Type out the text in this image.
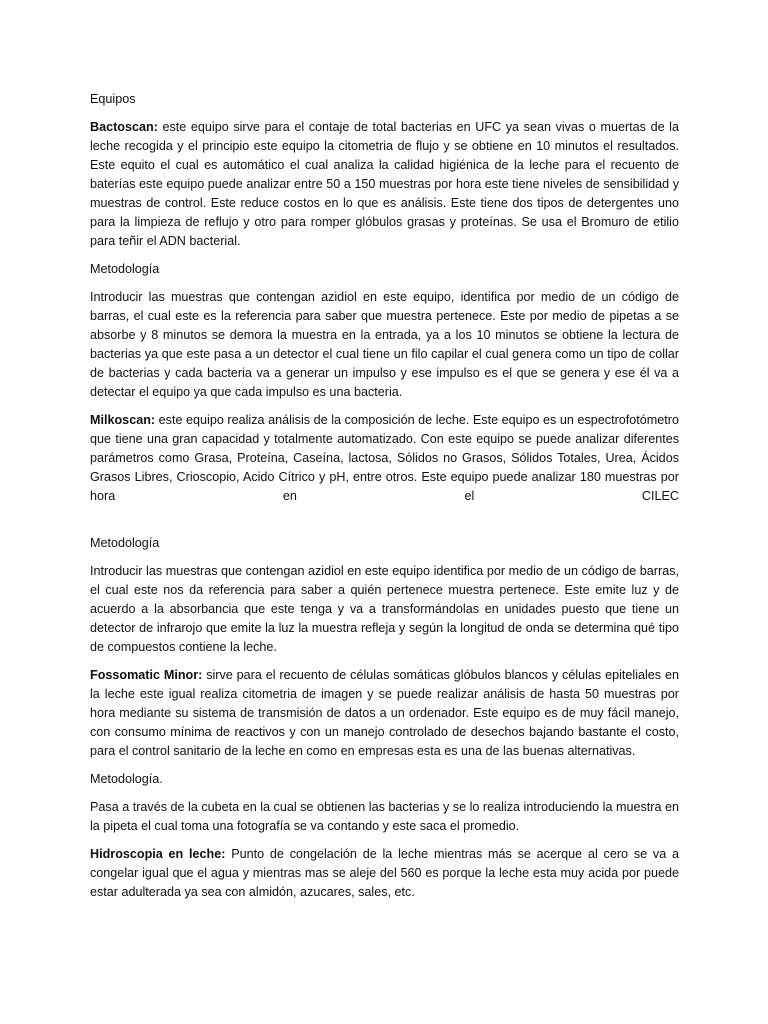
Equipos
Bactoscan: este equipo sirve para el contaje de total bacterias en UFC ya sean vivas o muertas de la leche recogida y el principio este equipo la citometria de flujo y se obtiene en 10 minutos el resultados. Este equito el cual es automático el cual analiza la calidad higiénica de la leche para el recuento de baterías este equipo puede analizar entre 50 a 150 muestras por hora este tiene niveles de sensibilidad y muestras de control. Este reduce costos en lo que es análisis. Este tiene dos tipos de detergentes uno para la limpieza de reflujo y otro para romper glóbulos grasas y proteínas. Se usa el Bromuro de etilio para teñir el ADN bacterial.
Metodología
Introducir las muestras que contengan azidiol en este equipo, identifica por medio de un código de barras, el cual este es la referencia para saber que muestra pertenece. Este por medio de pipetas a se absorbe y 8 minutos se demora la muestra en la entrada, ya a los 10 minutos se obtiene la lectura de bacterias ya que este pasa a un detector el cual tiene un filo capilar el cual genera como un tipo de collar de bacterias y cada bacteria va a generar un impulso y ese impulso es el que se genera y ese él va a detectar el equipo ya que cada impulso es una bacteria.
Milkoscan: este equipo realiza análisis de la composición de leche. Este equipo es un espectrofotómetro que tiene una gran capacidad y totalmente automatizado. Con este equipo se puede analizar diferentes parámetros como Grasa, Proteína, Caseína, lactosa, Sólidos no Grasos, Sólidos Totales, Urea, Ácidos Grasos Libres, Crioscopio, Acido Cítrico y pH, entre otros. Este equipo puede analizar 180 muestras por hora en el CILEC
Metodología
Introducir las muestras que contengan azidiol en este equipo identifica por medio de un código de barras, el cual este nos da referencia para saber a quién pertenece muestra pertenece. Este emite luz y de acuerdo a la absorbancia que este tenga y va a transformándolas en unidades puesto que tiene un detector de infrarojo que emite la luz la muestra refleja y según la longitud de onda se determina qué tipo de compuestos contiene la leche.
Fossomatic Minor: sirve para el recuento de células somáticas glóbulos blancos y células epiteliales en la leche este igual realiza citometria de imagen y se puede realizar análisis de hasta 50 muestras por hora mediante su sistema de transmisión de datos a un ordenador. Este equipo es de muy fácil manejo, con consumo mínima de reactivos y con un manejo controlado de desechos bajando bastante el costo, para el control sanitario de la leche en como en empresas esta es una de las buenas alternativas.
Metodología.
Pasa a través de la cubeta en la cual se obtienen las bacterias y se lo realiza introduciendo la muestra en la pipeta el cual toma una fotografía se va contando y este saca el promedio.
Hidroscopia en leche: Punto de congelación de la leche mientras más se acerque al cero se va a congelar igual que el agua y mientras mas se aleje del 560 es porque la leche esta muy acida por puede estar adulterada ya sea con almidón, azucares, sales, etc.
